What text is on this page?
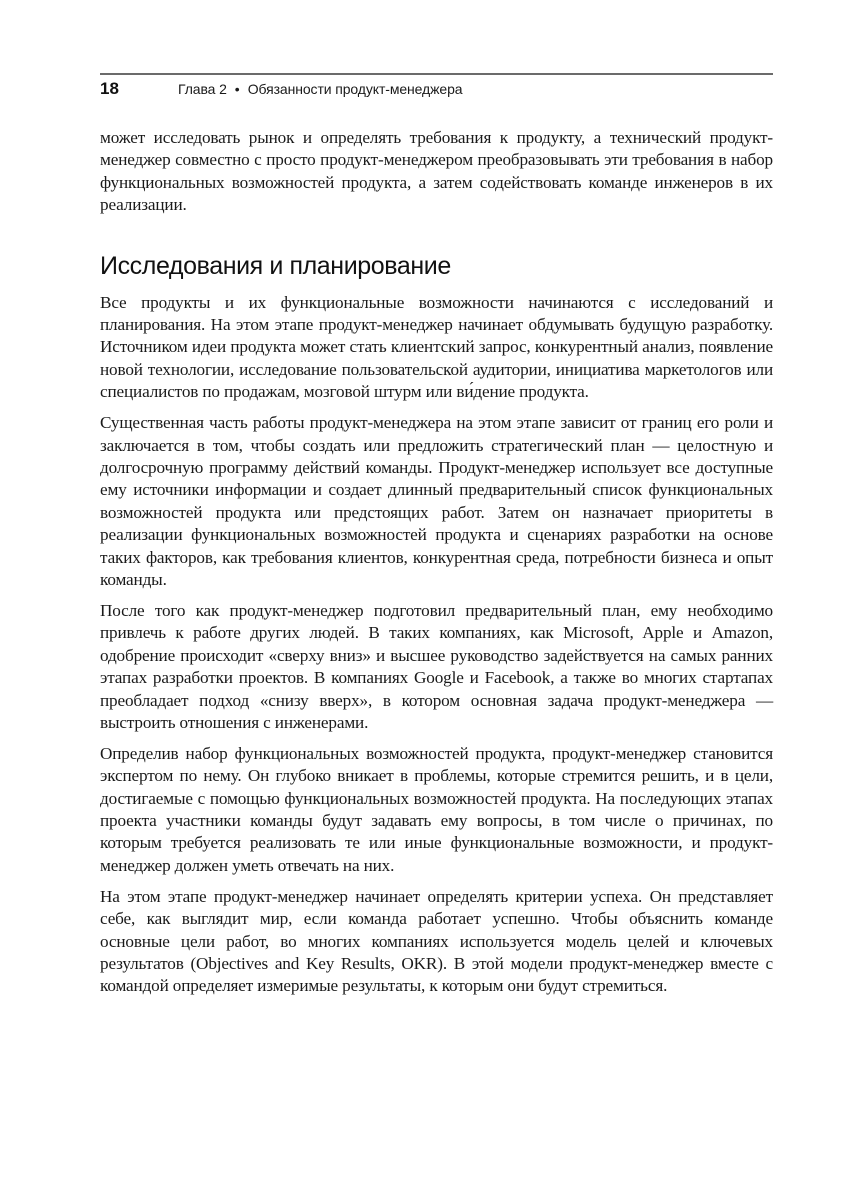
18	Глава 2 • Обязанности продукт-менеджера

может исследовать рынок и определять требования к продукту, а технический продукт-менеджер совместно с просто продукт-менеджером преобразовывать эти требования в набор функциональных возможностей продукта, а затем содействовать команде инженеров в их реализации.

Исследования и планирование

Все продукты и их функциональные возможности начинаются с исследований и планирования. На этом этапе продукт-менеджер начинает обдумывать будущую разработку. Источником идеи продукта может стать клиентский запрос, конкурентный анализ, появление новой технологии, исследование пользовательской аудитории, инициатива маркетологов или специалистов по продажам, мозговой штурм или ви́дение продукта.

Существенная часть работы продукт-менеджера на этом этапе зависит от границ его роли и заключается в том, чтобы создать или предложить стратегический план — целостную и долгосрочную программу действий команды. Продукт-менеджер использует все доступные ему источники информации и создает длинный предварительный список функциональных возможностей продукта или предстоящих работ. Затем он назначает приоритеты в реализации функциональных возможностей продукта и сценариях разработки на основе таких факторов, как требования клиентов, конкурентная среда, потребности бизнеса и опыт команды.

После того как продукт-менеджер подготовил предварительный план, ему необходимо привлечь к работе других людей. В таких компаниях, как Microsoft, Apple и Amazon, одобрение происходит «сверху вниз» и высшее руководство задействуется на самых ранних этапах разработки проектов. В компаниях Google и Facebook, а также во многих стартапах преобладает подход «снизу вверх», в котором основная задача продукт-менеджера — выстроить отношения с инженерами.

Определив набор функциональных возможностей продукта, продукт-менеджер становится экспертом по нему. Он глубоко вникает в проблемы, которые стремится решить, и в цели, достигаемые с помощью функциональных возможностей продукта. На последующих этапах проекта участники команды будут задавать ему вопросы, в том числе о причинах, по которым требуется реализовать те или иные функциональные возможности, и продукт-менеджер должен уметь отвечать на них.

На этом этапе продукт-менеджер начинает определять критерии успеха. Он представляет себе, как выглядит мир, если команда работает успешно. Чтобы объяснить команде основные цели работ, во многих компаниях используется модель целей и ключевых результатов (Objectives and Key Results, OKR). В этой модели продукт-менеджер вместе с командой определяет измеримые результаты, к которым они будут стремиться.
